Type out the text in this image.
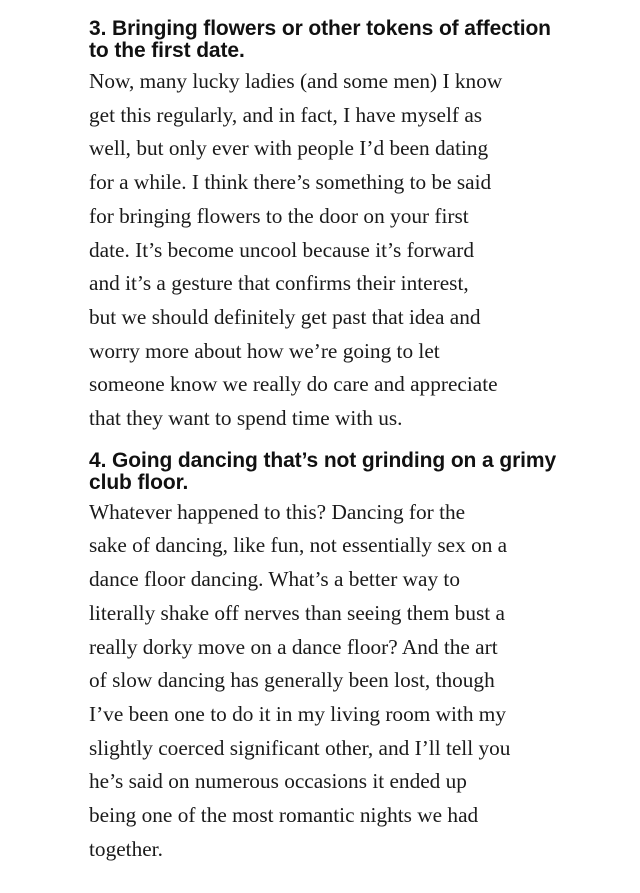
3. Bringing flowers or other tokens of affection
to the first date.

Now, many lucky ladies (and some men) I know
get this regularly, and in fact, I have myself as
well, but only ever with people I’d been dating
for a while. I think there’s something to be said
for bringing flowers to the door on your first
date. It’s become uncool because it’s forward
and it’s a gesture that confirms their interest,
but we should definitely get past that idea and
worry more about how we’re going to let
someone know we really do care and appreciate
that they want to spend time with us.

4. Going dancing that’s not grinding on a grimy
club floor.

Whatever happened to this? Dancing for the
sake of dancing, like fun, not essentially sex on a
dance floor dancing. What’s a better way to
literally shake off nerves than seeing them bust a
really dorky move on a dance floor? And the art
of slow dancing has generally been lost, though
I’ve been one to do it in my living room with my
slightly coerced significant other, and I’ll tell you
he’s said on numerous occasions it ended up
being one of the most romantic nights we had
together.
